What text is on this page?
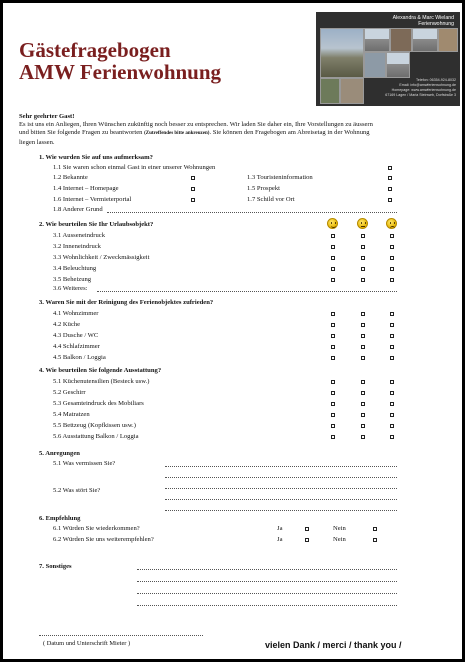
Gästefragebogen
AMW Ferienwohnung
Alexandra & Marc Wieland
Ferienwohnung
Telefon: 06354-924-8032
Email: info@amwferienwohnung.de
Homepage: www.amwferienwohnung.de
67169 Lagen / Maria Steinweb, Dorfstraße 3

Sehr geehrter Gast!

Es ist uns ein Anliegen, Ihren Wünschen zukünftig noch besser zu entsprechen. Wir laden Sie daher ein, Ihre Vorstellungen zu äussern

und bitten Sie folgende Fragen zu beantworten (Zutreffendes bitte ankreuzen). Sie können den Fragebogen am Abreisetag in der Wohnung

liegen lassen.

1. Wie wurden Sie auf uns aufmerksam?
1.1 Sie waren schon einmal Gast in einer unserer Wohnungen
1.2 Bekannte	1.3 Touristeninformation
1.4 Internet – Homepage	1.5 Prospekt
1.6 Internet – Vermieterportal	1.7 Schild vor Ort
1.8 Anderer Grund
2. Wie beurteilen Sie Ihr Urlaubsobjekt?
3.1 Ausseneindruck
3.2 Inneneindruck
3.3 Wohnlichkeit / Zweckmässigkeit
3.4 Beleuchtung
3.5 Beheizung
3.6 Weiteres:
3. Waren Sie mit der Reinigung des Ferienobjektes zufrieden?
4.1 Wohnzimmer
4.2 Küche
4.3 Dusche / WC
4.4 Schlafzimmer
4.5 Balkon / Loggia
4. Wie beurteilen Sie folgende Ausstattung?
5.1 Küchenutensilien (Besteck usw.)
5.2 Geschirr
5.3 Gesamteindruck des Mobiliars
5.4 Matratzen
5.5 Bettzeug (Kopfkissen usw.)
5.6 Ausstattung Balkon / Loggia
5. Anregungen
5.1 Was vermissen Sie?
5.2 Was stört Sie?
6. Empfehlung
6.1 Würden Sie wiederkommen?	Ja	Nein
6.2 Würden Sie uns weiterempfehlen?	Ja	Nein
7. Sonstiges
( Datum und Unterschrift Mieter )	vielen Dank / merci / thank you /
